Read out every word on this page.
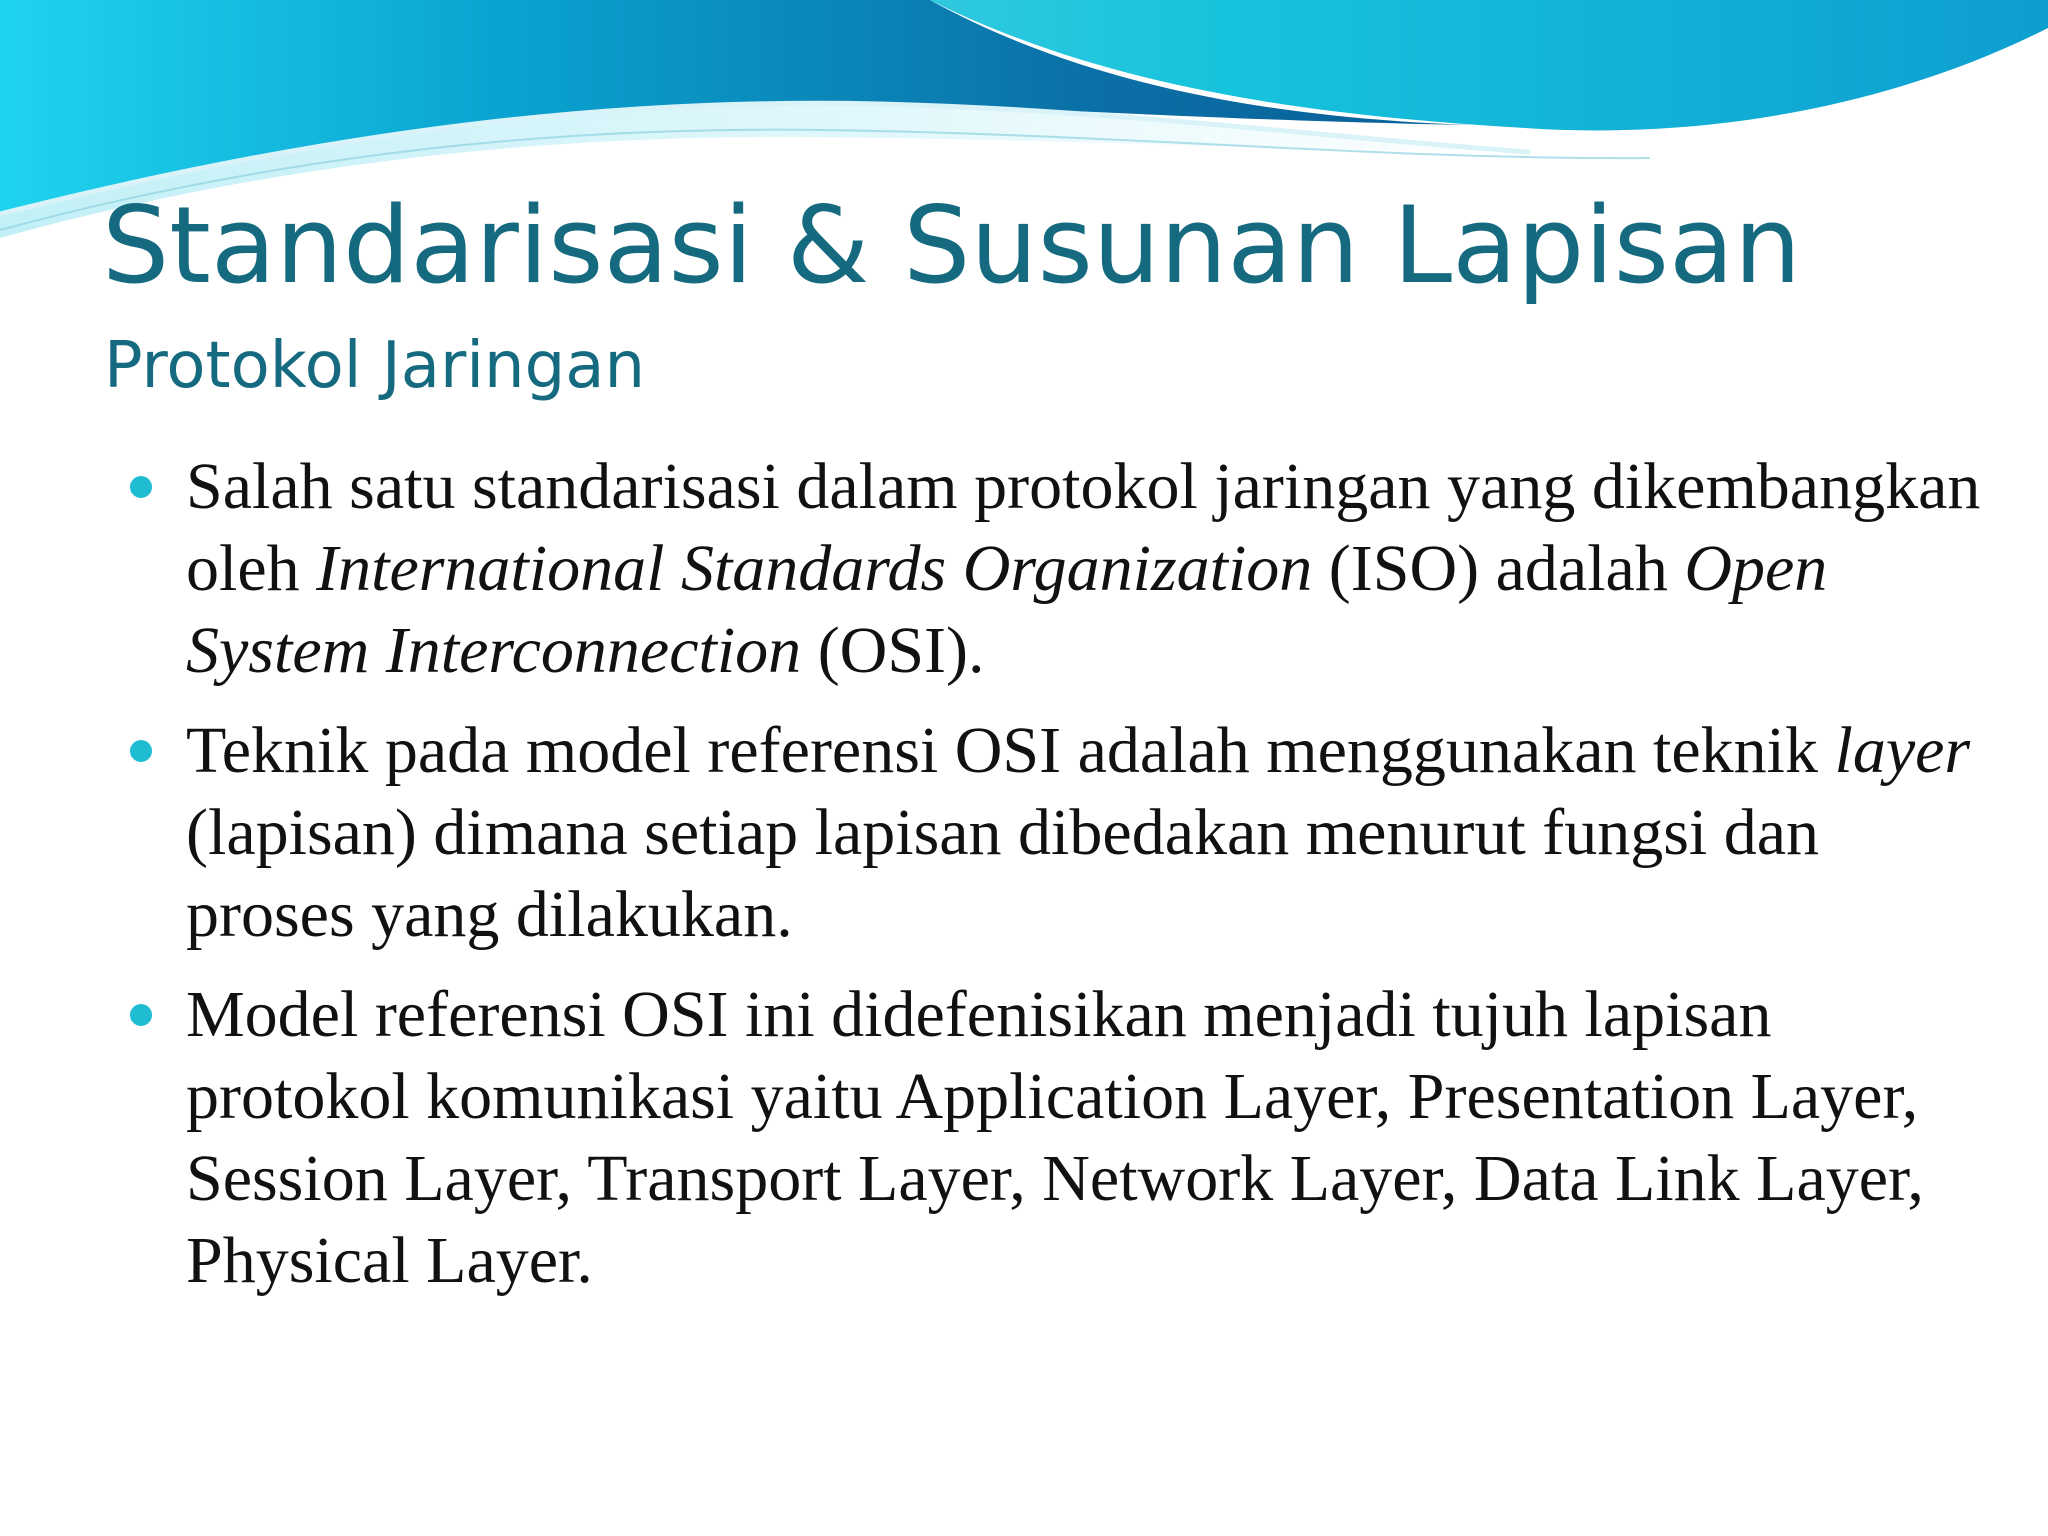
Standarisasi & Susunan Lapisan
Protokol Jaringan
Salah satu standarisasi dalam protokol jaringan yang dikembangkan oleh International Standards Organization (ISO) adalah Open System Interconnection (OSI).
Teknik pada model referensi OSI adalah menggunakan teknik layer (lapisan) dimana setiap lapisan dibedakan menurut fungsi dan proses yang dilakukan.
Model referensi OSI ini didefenisikan menjadi tujuh lapisan protokol komunikasi yaitu Application Layer, Presentation Layer, Session Layer, Transport Layer, Network Layer, Data Link Layer, Physical Layer.
